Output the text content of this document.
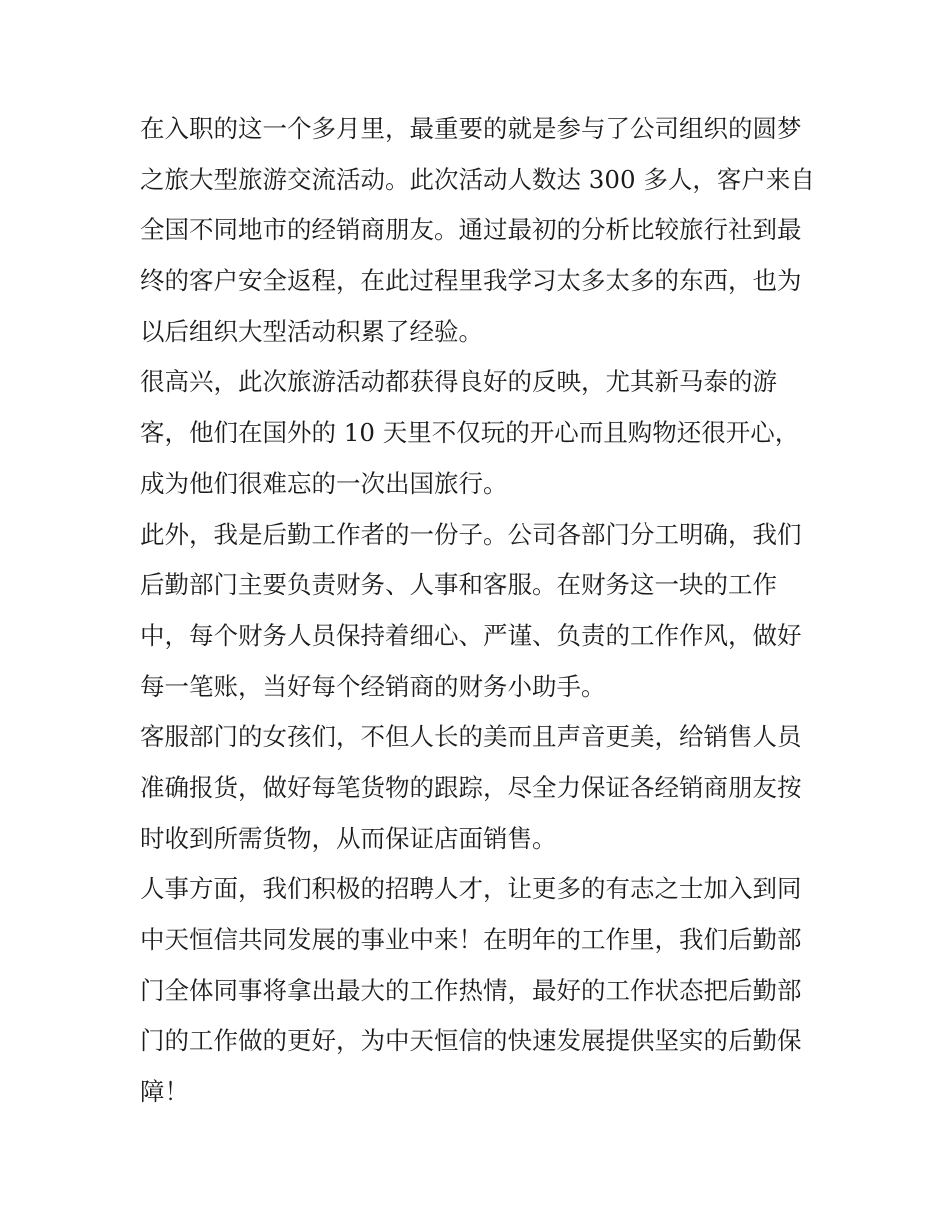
在入职的这一个多月里，最重要的就是参与了公司组织的圆梦
之旅大型旅游交流活动。此次活动人数达 300 多人，客户来自
全国不同地市的经销商朋友。通过最初的分析比较旅行社到最
终的客户安全返程，在此过程里我学习太多太多的东西，也为
以后组织大型活动积累了经验。
很高兴，此次旅游活动都获得良好的反映，尤其新马泰的游
客，他们在国外的 10 天里不仅玩的开心而且购物还很开心，
成为他们很难忘的一次出国旅行。
此外，我是后勤工作者的一份子。公司各部门分工明确，我们
后勤部门主要负责财务、人事和客服。在财务这一块的工作
中，每个财务人员保持着细心、严谨、负责的工作作风，做好
每一笔账，当好每个经销商的财务小助手。
客服部门的女孩们，不但人长的美而且声音更美，给销售人员
准确报货，做好每笔货物的跟踪，尽全力保证各经销商朋友按
时收到所需货物，从而保证店面销售。
人事方面，我们积极的招聘人才，让更多的有志之士加入到同
中天恒信共同发展的事业中来！在明年的工作里，我们后勤部
门全体同事将拿出最大的工作热情，最好的工作状态把后勤部
门的工作做的更好，为中天恒信的快速发展提供坚实的后勤保
障！
